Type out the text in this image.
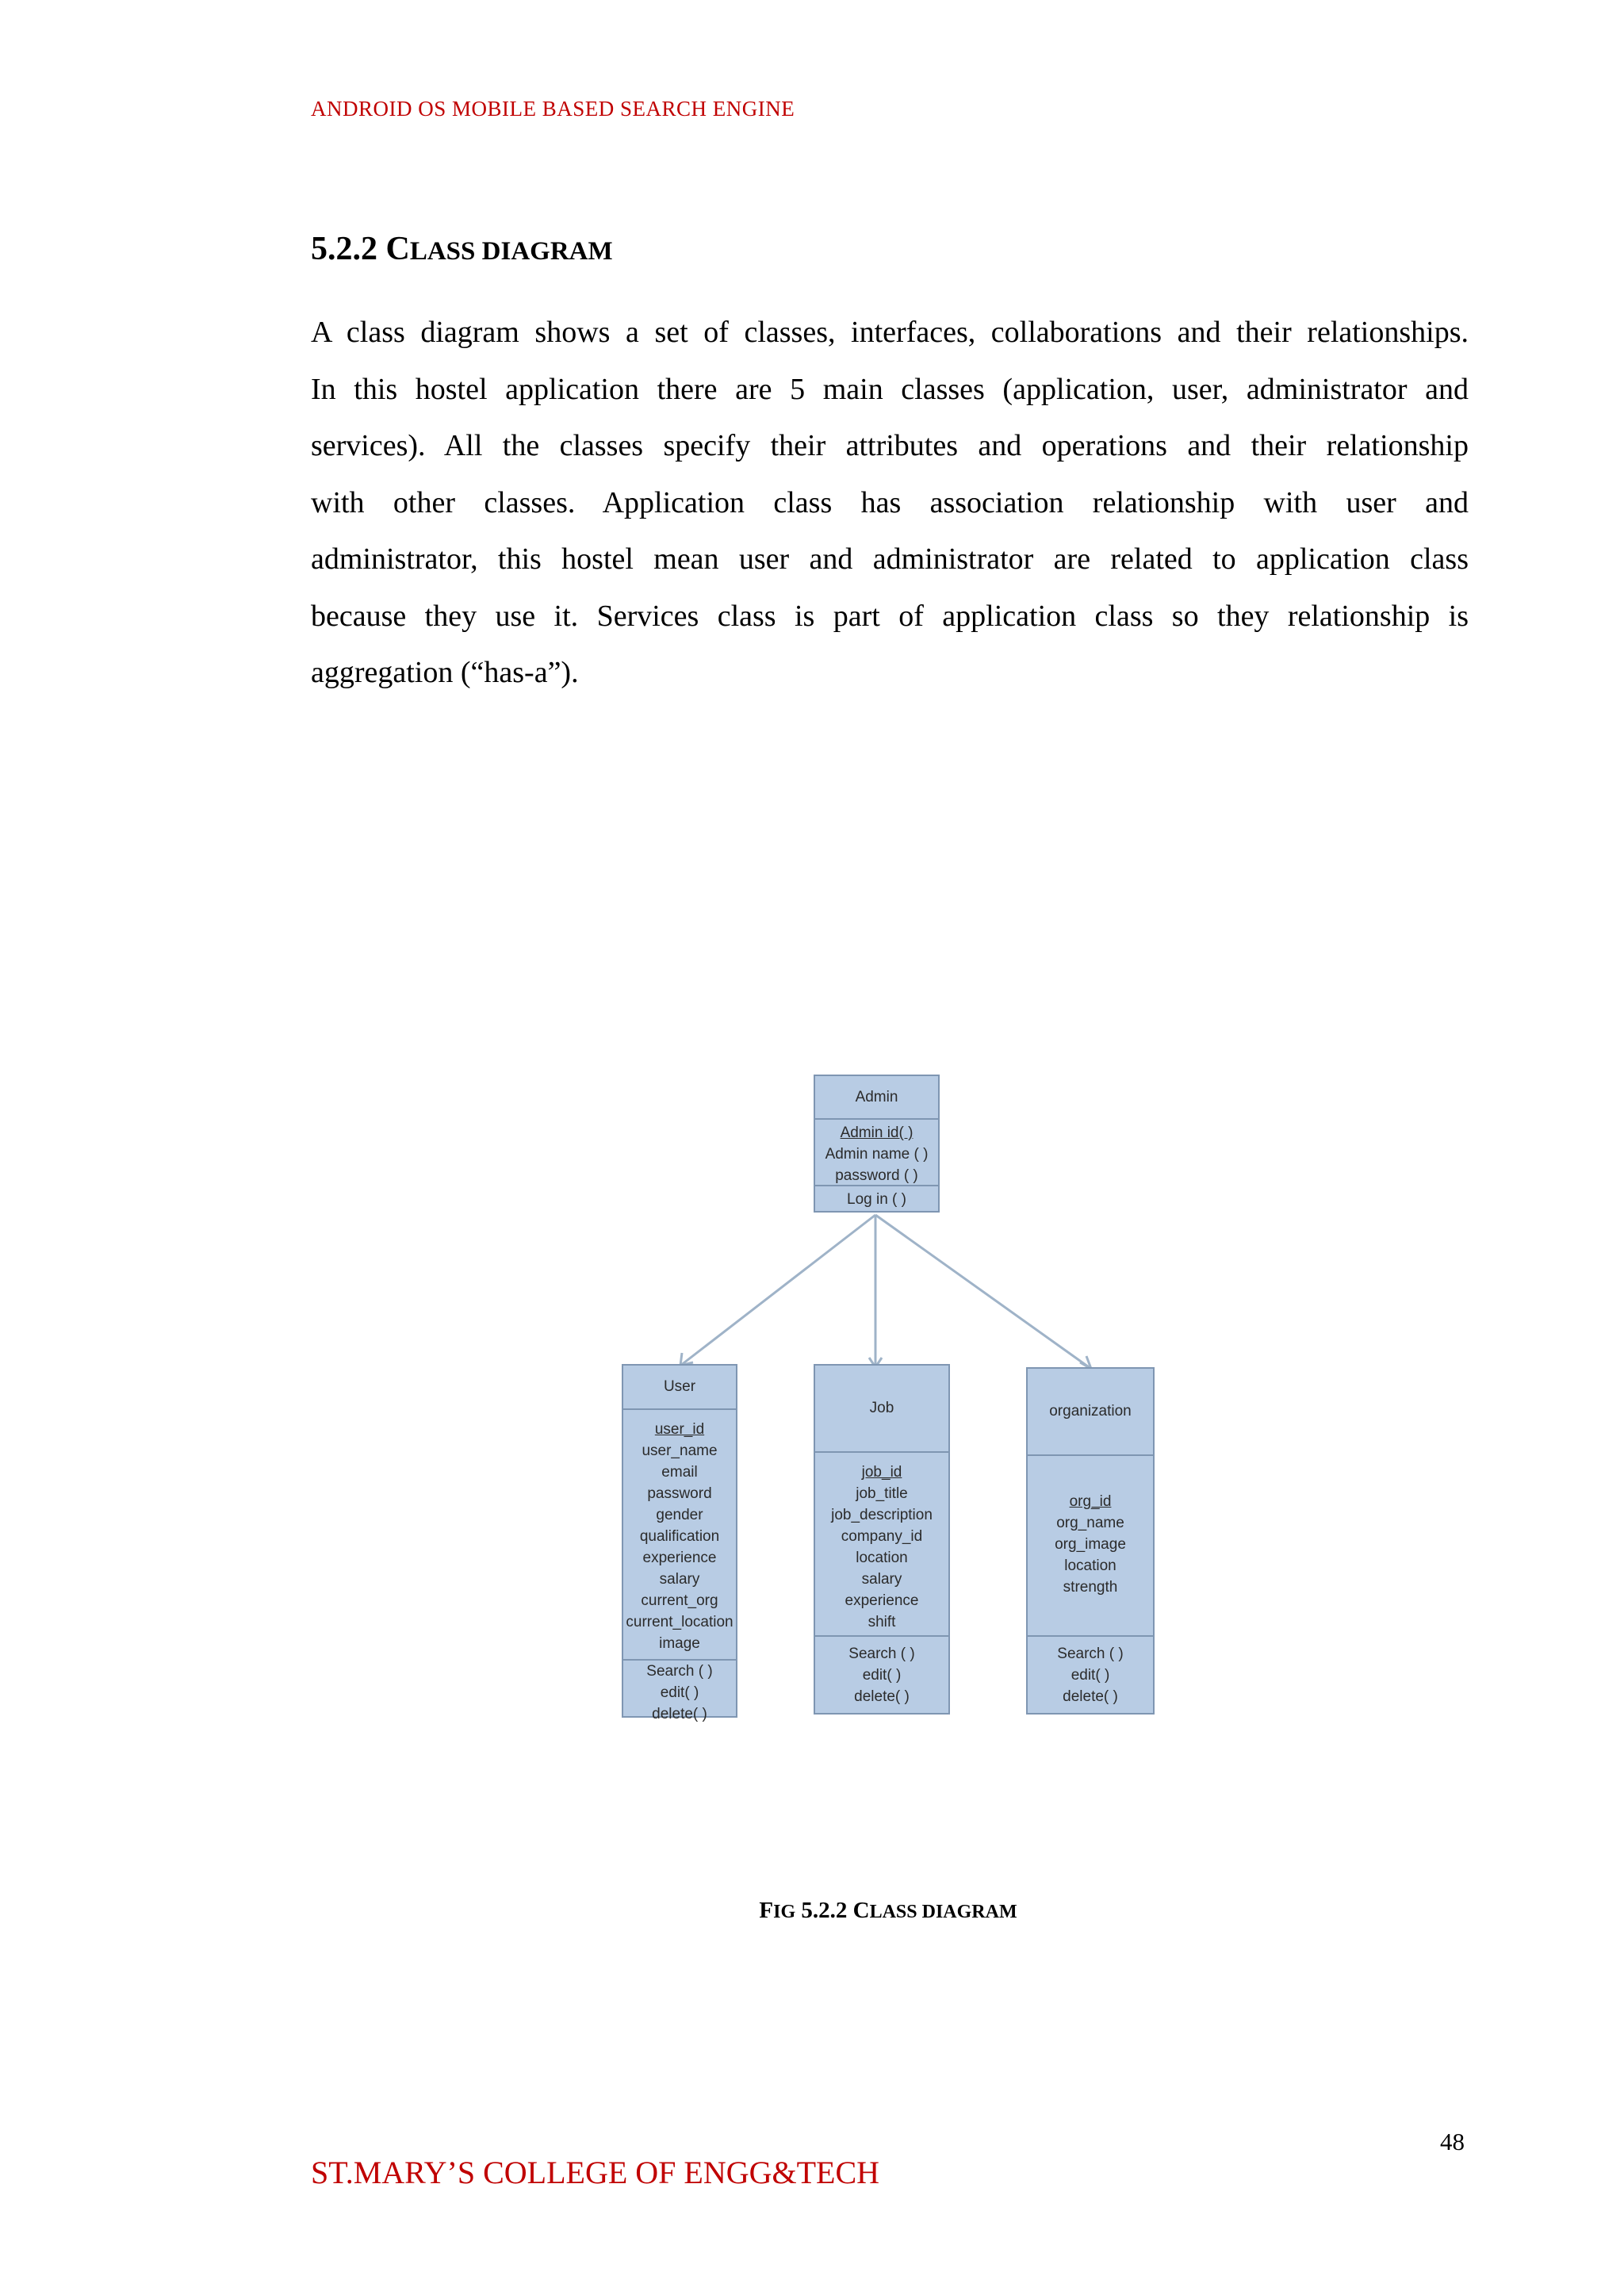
ANDROID OS MOBILE BASED SEARCH ENGINE
5.2.2 CLASS DIAGRAM
A class diagram shows a set of classes, interfaces, collaborations and their relationships.
In this hostel application there are 5 main classes (application, user, administrator and
services). All the classes specify their attributes and operations and their relationship
with other classes. Application class has association relationship with user and
administrator, this hostel mean user and administrator are related to application class
because they use it. Services class is part of application class so they relationship is
aggregation (“has-a”).
Admin
Admin id( )
Admin name ( )
password ( )
Log in ( )
User
user_id
user_name
email
password
gender
qualification
experience
salary
current_org
current_location
image
Search ( )
edit( )
delete( )
Job
job_id
job_title
job_description
company_id
location
salary
experience
shift
Search ( )
edit( )
delete( )
organization
org_id
org_name
org_image
location
strength
Search ( )
edit( )
delete( )
FIG 5.2.2 CLASS DIAGRAM
48
ST.MARY’S COLLEGE OF ENGG&TECH
